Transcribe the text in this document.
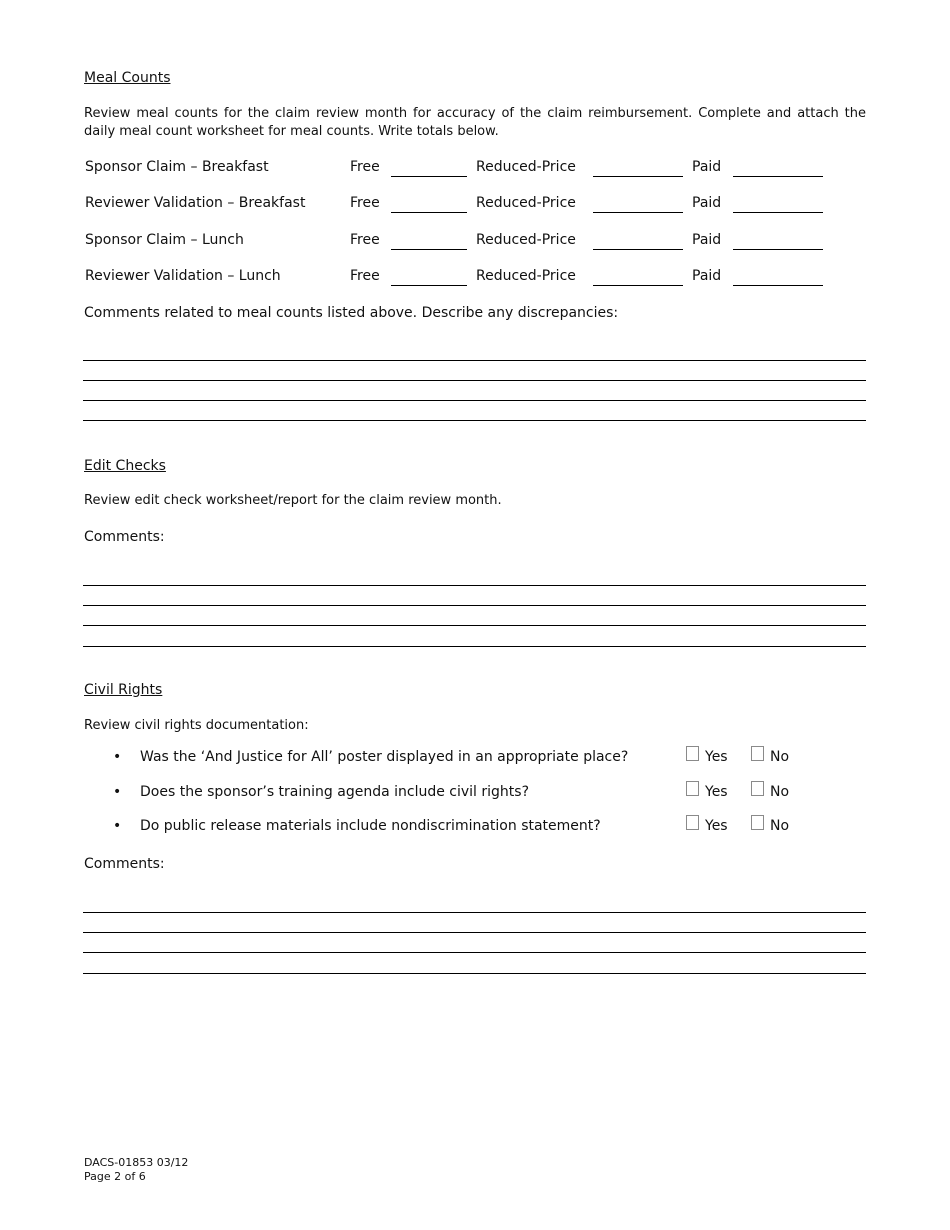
Meal Counts
Review meal counts for the claim review month for accuracy of the claim reimbursement. Complete and attach the daily meal count worksheet for meal counts. Write totals below.
Sponsor Claim – Breakfast	Free	Reduced-Price	Paid
Reviewer Validation – Breakfast	Free	Reduced-Price	Paid
Sponsor Claim – Lunch	Free	Reduced-Price	Paid
Reviewer Validation – Lunch	Free	Reduced-Price	Paid
Comments related to meal counts listed above. Describe any discrepancies:
Edit Checks
Review edit check worksheet/report for the claim review month.
Comments:
Civil Rights
Review civil rights documentation:
• Was the ‘And Justice for All’ poster displayed in an appropriate place?	Yes	No
• Does the sponsor’s training agenda include civil rights?	Yes	No
• Do public release materials include nondiscrimination statement?	Yes	No
Comments:
DACS-01853 03/12
Page 2 of 6
